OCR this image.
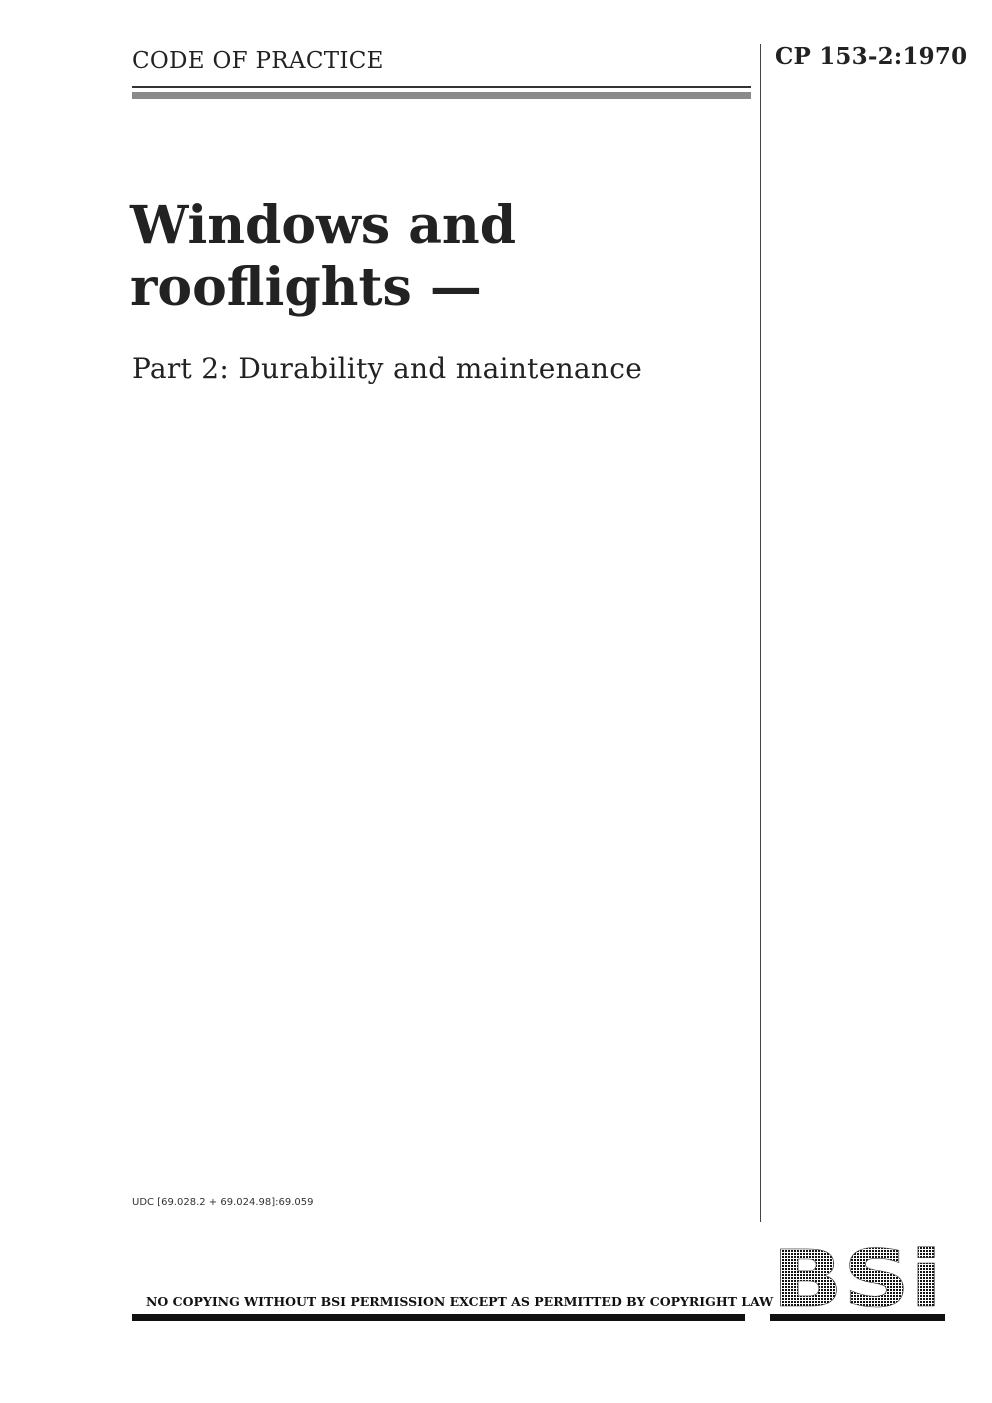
CODE OF PRACTICE	CP 153-2:1970
Windows and
rooflights —
Part 2: Durability and maintenance
UDC [69.028.2 + 69.024.98]:69.059
NO COPYING WITHOUT BSI PERMISSION EXCEPT AS PERMITTED BY COPYRIGHT LAW
BSi
